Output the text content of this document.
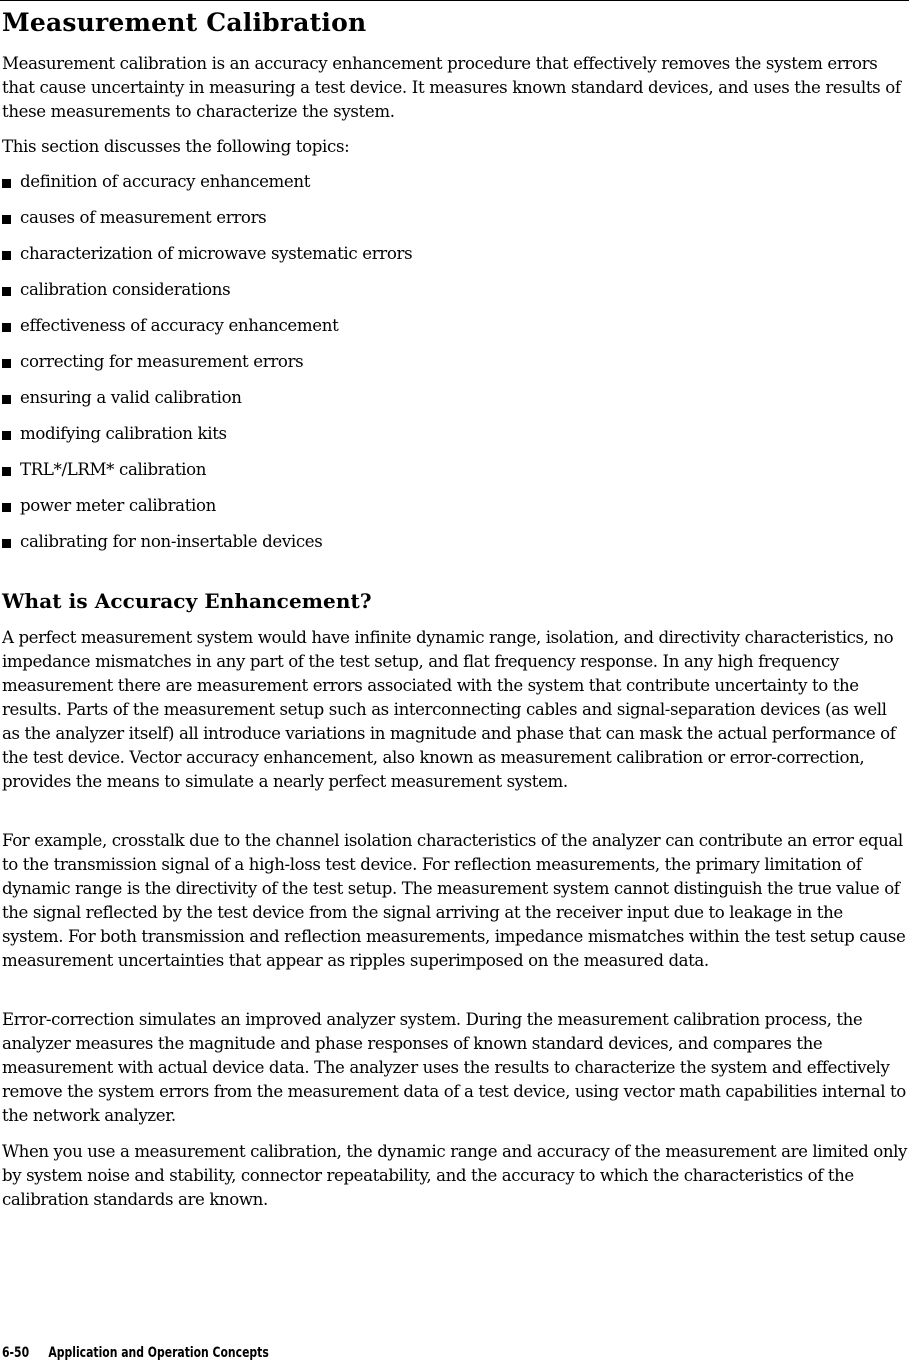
Measurement Calibration

Measurement calibration is an accuracy enhancement procedure that effectively removes the system errors that cause uncertainty in measuring a test device. It measures known standard devices, and uses the results of these measurements to characterize the system.

This section discusses the following topics:

definition of accuracy enhancement
causes of measurement errors
characterization of microwave systematic errors
calibration considerations
effectiveness of accuracy enhancement
correcting for measurement errors
ensuring a valid calibration
modifying calibration kits
TRL*/LRM* calibration
power meter calibration
calibrating for non-insertable devices
What is Accuracy Enhancement?

A perfect measurement system would have infinite dynamic range, isolation, and directivity characteristics, no impedance mismatches in any part of the test setup, and flat frequency response. In any high frequency measurement there are measurement errors associated with the system that contribute uncertainty to the results. Parts of the measurement setup such as interconnecting cables and signal-separation devices (as well as the analyzer itself) all introduce variations in magnitude and phase that can mask the actual performance of the test device. Vector accuracy enhancement, also known as measurement calibration or error-correction, provides the means to simulate a nearly perfect measurement system.

For example, crosstalk due to the channel isolation characteristics of the analyzer can contribute an error equal to the transmission signal of a high-loss test device. For reflection measurements, the primary limitation of dynamic range is the directivity of the test setup. The measurement system cannot distinguish the true value of the signal reflected by the test device from the signal arriving at the receiver input due to leakage in the system. For both transmission and reflection measurements, impedance mismatches within the test setup cause measurement uncertainties that appear as ripples superimposed on the measured data.

Error-correction simulates an improved analyzer system. During the measurement calibration process, the analyzer measures the magnitude and phase responses of known standard devices, and compares the measurement with actual device data. The analyzer uses the results to characterize the system and effectively remove the system errors from the measurement data of a test device, using vector math capabilities internal to the network analyzer.

When you use a measurement calibration, the dynamic range and accuracy of the measurement are limited only by system noise and stability, connector repeatability, and the accuracy to which the characteristics of the calibration standards are known.

6-50 Application and Operation Concepts
